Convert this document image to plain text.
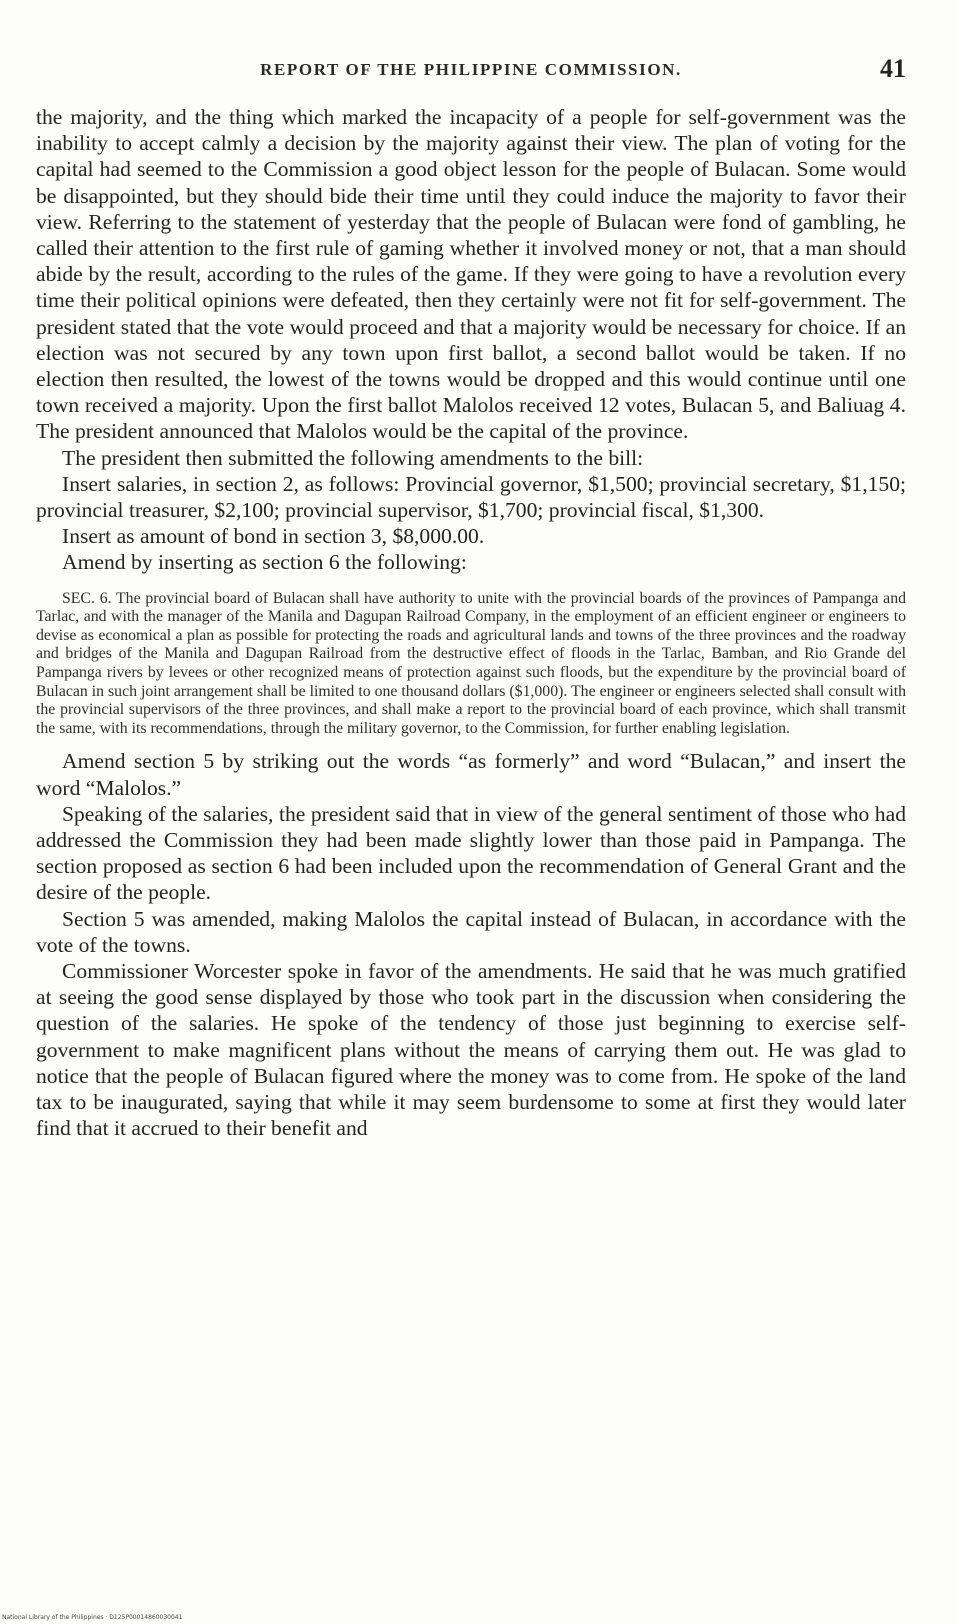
REPORT OF THE PHILIPPINE COMMISSION.	41

the majority, and the thing which marked the incapacity of a people for self-government was the inability to accept calmly a decision by the majority against their view. The plan of voting for the capital had seemed to the Commission a good object lesson for the people of Bulacan. Some would be disappointed, but they should bide their time until they could induce the majority to favor their view. Referring to the statement of yesterday that the people of Bulacan were fond of gambling, he called their attention to the first rule of gaming whether it involved money or not, that a man should abide by the result, according to the rules of the game. If they were going to have a revolution every time their political opinions were defeated, then they certainly were not fit for self-government. The president stated that the vote would proceed and that a majority would be necessary for choice. If an election was not secured by any town upon first ballot, a second ballot would be taken. If no election then resulted, the lowest of the towns would be dropped and this would continue until one town received a majority. Upon the first ballot Malolos received 12 votes, Bulacan 5, and Baliuag 4. The president announced that Malolos would be the capital of the province.

The president then submitted the following amendments to the bill:

Insert salaries, in section 2, as follows: Provincial governor, $1,500; provincial secretary, $1,150; provincial treasurer, $2,100; provincial supervisor, $1,700; provincial fiscal, $1,300.

Insert as amount of bond in section 3, $8,000.00.

Amend by inserting as section 6 the following:

SEC. 6. The provincial board of Bulacan shall have authority to unite with the provincial boards of the provinces of Pampanga and Tarlac, and with the manager of the Manila and Dagupan Railroad Company, in the employment of an efficient engineer or engineers to devise as economical a plan as possible for protecting the roads and agricultural lands and towns of the three provinces and the roadway and bridges of the Manila and Dagupan Railroad from the destructive effect of floods in the Tarlac, Bamban, and Rio Grande del Pampanga rivers by levees or other recognized means of protection against such floods, but the expenditure by the provincial board of Bulacan in such joint arrangement shall be limited to one thousand dollars ($1,000). The engineer or engineers selected shall consult with the provincial supervisors of the three provinces, and shall make a report to the provincial board of each province, which shall transmit the same, with its recommendations, through the military governor, to the Commission, for further enabling legislation.

Amend section 5 by striking out the words “as formerly” and word “Bulacan,” and insert the word “Malolos.”

Speaking of the salaries, the president said that in view of the general sentiment of those who had addressed the Commission they had been made slightly lower than those paid in Pampanga. The section proposed as section 6 had been included upon the recommendation of General Grant and the desire of the people.

Section 5 was amended, making Malolos the capital instead of Bulacan, in accordance with the vote of the towns.

Commissioner Worcester spoke in favor of the amendments. He said that he was much gratified at seeing the good sense displayed by those who took part in the discussion when considering the question of the salaries. He spoke of the tendency of those just beginning to exercise self-government to make magnificent plans without the means of carrying them out. He was glad to notice that the people of Bulacan figured where the money was to come from. He spoke of the land tax to be inaugurated, saying that while it may seem burdensome to some at first they would later find that it accrued to their benefit and

National Library of the Philippines · D125P00014860030041
